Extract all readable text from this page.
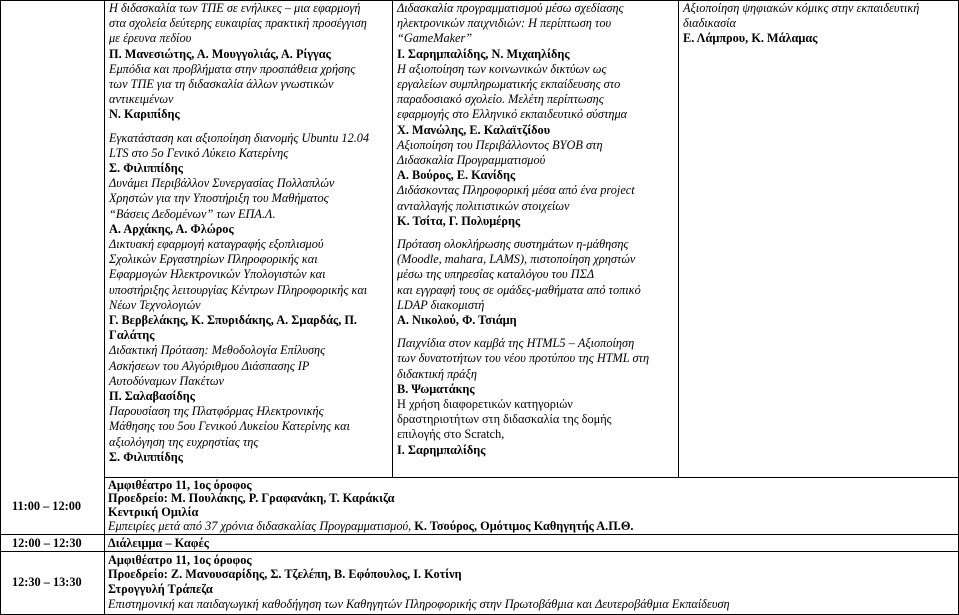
Η διδασκαλία των ΤΠΕ σε ενήλικες – μια εφαρμογή
στα σχολεία δεύτερης ευκαιρίας πρακτική προσέγγιση
με έρευνα πεδίου
Π. Μανεσιώτης, Α. Μουγγολιάς, Α. Ρίγγας
Εμπόδια και προβλήματα στην προσπάθεια χρήσης
των ΤΠΕ για τη διδασκαλία άλλων γνωστικών
αντικειμένων
Ν. Καριπίδης
Εγκατάσταση και αξιοποίηση διανομής Ubuntu 12.04
LTS στο 5ο Γενικό Λύκειο Κατερίνης
Σ. Φιλιππίδης
Δυνάμει Περιβάλλον Συνεργασίας Πολλαπλών
Χρηστών για την Υποστήριξη του Μαθήματος
“Βάσεις Δεδομένων” των ΕΠΑ.Λ.
Α. Αρχάκης, Α. Φλώρος
Δικτυακή εφαρμογή καταγραφής εξοπλισμού
Σχολικών Εργαστηρίων Πληροφορικής και
Εφαρμογών Ηλεκτρονικών Υπολογιστών και
υποστήριξης λειτουργίας Κέντρων Πληροφορικής και
Νέων Τεχνολογιών
Γ. Βερβελάκης, Κ. Σπυριδάκης, Α. Σμαρδάς, Π.
Γαλάτης
Διδακτική Πρόταση: Μεθοδολογία Επίλυσης
Ασκήσεων του Αλγόριθμου Διάσπασης IP
Αυτοδύναμων Πακέτων
Π. Σαλαβασίδης
Παρουσίαση της Πλατφόρμας Ηλεκτρονικής
Μάθησης του 5ου Γενικού Λυκείου Κατερίνης και
αξιολόγηση της ευχρηστίας της
Σ. Φιλιππίδης
Διδασκαλία προγραμματισμού μέσω σχεδίασης
ηλεκτρονικών παιχνιδιών: Η περίπτωση του
“GameMaker”
Ι. Σαρημπαλίδης, Ν. Μιχαηλίδης
Η αξιοποίηση των κοινωνικών δικτύων ως
εργαλείων συμπληρωματικής εκπαίδευσης στο
παραδοσιακό σχολείο. Μελέτη περίπτωσης
εφαρμογής στο Ελληνικό εκπαιδευτικό σύστημα
Χ. Μανώλης, Ε. Καλαϊτζίδου
Αξιοποίηση του Περιβάλλοντος BYOB στη
Διδασκαλία Προγραμματισμού
Α. Βούρος, Ε. Κανίδης
Διδάσκοντας Πληροφορική μέσα από ένα project
ανταλλαγής πολιτιστικών στοιχείων
Κ. Τσίτα, Γ. Πολυμέρης
Πρόταση ολοκλήρωσης συστημάτων η-μάθησης
(Moodle, mahara, LAMS), πιστοποίηση χρηστών
μέσω της υπηρεσίας καταλόγου του ΠΣΔ
και εγγραφή τους σε ομάδες-μαθήματα από τοπικό
LDAP διακομιστή
Α. Νικολού, Φ. Τσιάμη
Παιχνίδια στον καμβά της HTML5 – Αξιοποίηση
των δυνατοτήτων του νέου προτύπου της HTML στη
διδακτική πράξη
Β. Ψωματάκης
Η χρήση διαφορετικών κατηγοριών
δραστηριοτήτων στη διδασκαλία της δομής
επιλογής στο Scratch,
Ι. Σαρημπαλίδης
Αξιοποίηση ψηφιακών κόμικς στην εκπαιδευτική
διαδικασία
Ε. Λάμπρου, Κ. Μάλαμας
11:00 – 12:00
Αμφιθέατρο 11, 1ος όροφος
Προεδρείο: Μ. Πουλάκης, Ρ. Γραφανάκη, Τ. Καράκιζα
Κεντρική Ομιλία
Εμπειρίες μετά από 37 χρόνια διδασκαλίας Προγραμματισμού, Κ. Τσούρος, Ομότιμος Καθηγητής Α.Π.Θ.
12:00 – 12:30 Διάλειμμα – Καφές
12:30 – 13:30
Αμφιθέατρο 11, 1ος όροφος
Προεδρείο: Ζ. Μανουσαρίδης, Σ. Τζελέπη, Β. Εφόπουλος, Ι. Κοτίνη
Στρογγυλή Τράπεζα
Επιστημονική και παιδαγωγική καθοδήγηση των Καθηγητών Πληροφορικής στην Πρωτοβάθμια και Δευτεροβάθμια Εκπαίδευση
